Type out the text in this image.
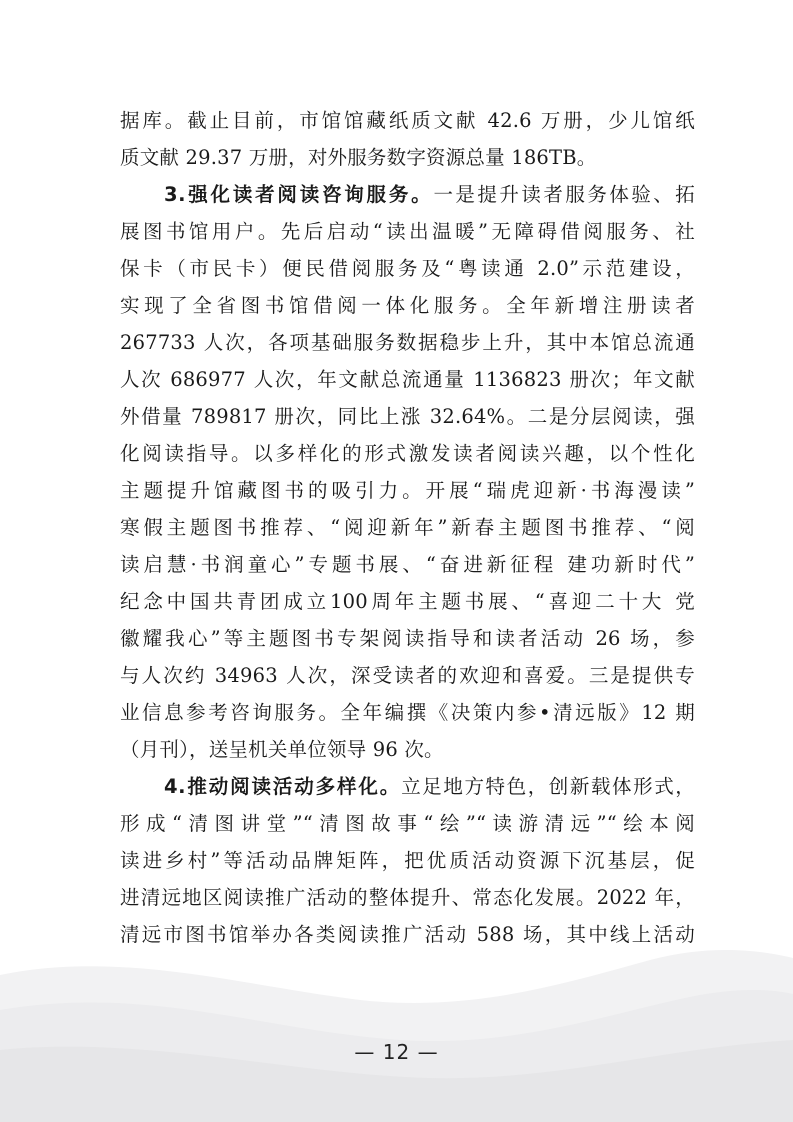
据库。截止目前，市馆馆藏纸质文献 42.6 万册，少儿馆纸
质文献 29.37 万册，对外服务数字资源总量 186TB。
3.强化读者阅读咨询服务。一是提升读者服务体验、拓
展图书馆用户。先后启动“读出温暖”无障碍借阅服务、社
保卡（市民卡）便民借阅服务及“粤读通 2.0”示范建设，
实现了全省图书馆借阅一体化服务。全年新增注册读者
267733 人次，各项基础服务数据稳步上升，其中本馆总流通
人次 686977 人次，年文献总流通量 1136823 册次；年文献
外借量 789817 册次，同比上涨 32.64%。二是分层阅读，强
化阅读指导。以多样化的形式激发读者阅读兴趣，以个性化
主题提升馆藏图书的吸引力。开展“瑞虎迎新·书海漫读”
寒假主题图书推荐、“阅迎新年”新春主题图书推荐、“阅
读启慧·书润童心”专题书展、“奋进新征程 建功新时代”
纪念中国共青团成立100周年主题书展、“喜迎二十大 党
徽耀我心”等主题图书专架阅读指导和读者活动 26 场，参
与人次约 34963 人次，深受读者的欢迎和喜爱。三是提供专
业信息参考咨询服务。全年编撰《决策内参•清远版》12 期
（月刊），送呈机关单位领导 96 次。
4.推动阅读活动多样化。立足地方特色，创新载体形式，
形成“清图讲堂”“清图故事“绘”“读游清远”“绘本阅
读进乡村”等活动品牌矩阵，把优质活动资源下沉基层，促
进清远地区阅读推广活动的整体提升、常态化发展。2022 年，
清远市图书馆举办各类阅读推广活动 588 场，其中线上活动
— 12 —
